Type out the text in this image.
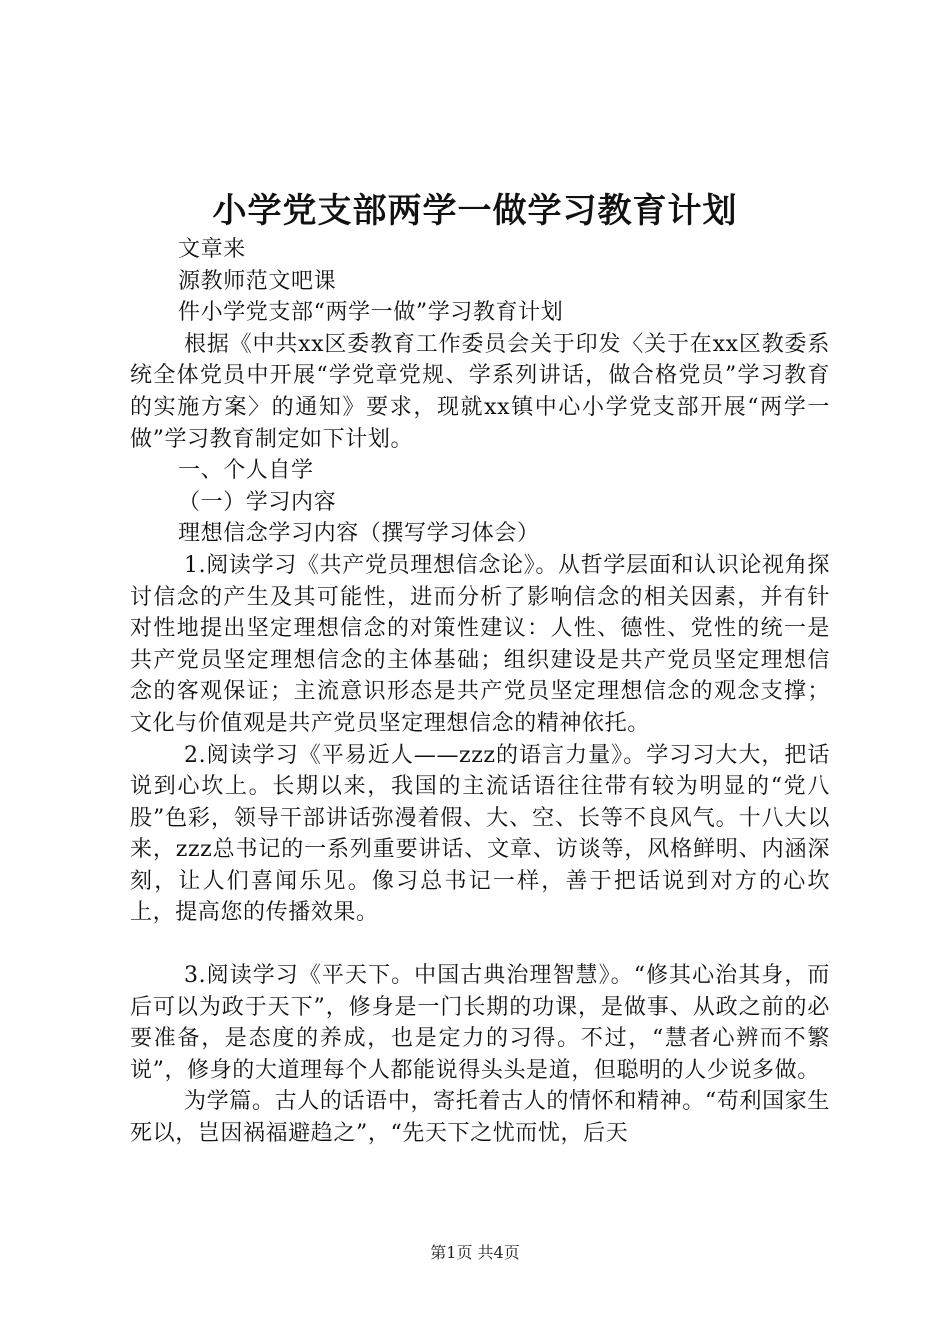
小学党支部两学一做学习教育计划

文章来

源教师范文吧课

件小学党支部“两学一做”学习教育计划

根据《中共xx区委教育工作委员会关于印发〈关于在xx区教委系统全体党员中开展“学党章党规、学系列讲话，做合格党员”学习教育的实施方案〉的通知》要求，现就xx镇中心小学党支部开展“两学一做”学习教育制定如下计划。

一、个人自学

（一）学习内容

理想信念学习内容（撰写学习体会）

1.阅读学习《共产党员理想信念论》。从哲学层面和认识论视角探讨信念的产生及其可能性，进而分析了影响信念的相关因素，并有针对性地提出坚定理想信念的对策性建议：人性、德性、党性的统一是共产党员坚定理想信念的主体基础；组织建设是共产党员坚定理想信念的客观保证；主流意识形态是共产党员坚定理想信念的观念支撑；文化与价值观是共产党员坚定理想信念的精神依托。

2.阅读学习《平易近人——zzz的语言力量》。学习习大大，把话说到心坎上。长期以来，我国的主流话语往往带有较为明显的“党八股”色彩，领导干部讲话弥漫着假、大、空、长等不良风气。十八大以来，zzz总书记的一系列重要讲话、文章、访谈等，风格鲜明、内涵深刻，让人们喜闻乐见。像习总书记一样，善于把话说到对方的心坎上，提高您的传播效果。

3.阅读学习《平天下。中国古典治理智慧》。“修其心治其身，而后可以为政于天下”，修身是一门长期的功课，是做事、从政之前的必要准备，是态度的养成，也是定力的习得。不过，“慧者心辨而不繁说”，修身的大道理每个人都能说得头头是道，但聪明的人少说多做。

为学篇。古人的话语中，寄托着古人的情怀和精神。“苟利国家生死以，岂因祸福避趋之”，“先天下之忧而忧，后天

第1页 共4页
